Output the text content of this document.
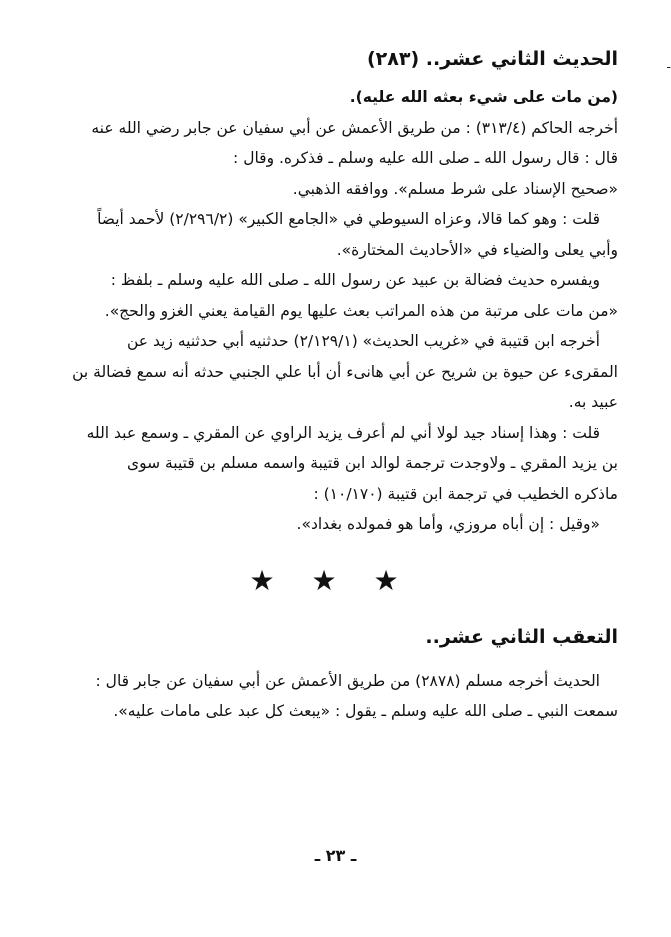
-
الحديث الثاني عشر.. (٢٨٣)

(من مات على شيء بعثه الله عليه).

أخرجه الحاكم (٣١٣/٤) : من طريق الأعمش عن أبي سفيان عن جابر رضي الله عنه

قال : قال رسول الله ـ صلى الله عليه وسلم ـ فذكره. وقال :

«صحيح الإسناد على شرط مسلم». ووافقه الذهبي.

قلت : وهو كما قالا، وعزاه السيوطي في «الجامع الكبير» (٢/٢٩٦/٢) لأحمد أيضاً

وأبي يعلى والضياء في «الأحاديث المختارة».

ويفسره حديث فضالة بن عبيد عن رسول الله ـ صلى الله عليه وسلم ـ بلفظ :

«من مات على مرتبة من هذه المراتب بعث عليها يوم القيامة يعني الغزو والحج».

أخرجه ابن قتيبة في «غريب الحديث» (٢/١٢٩/١) حدثنيه أبي حدثنيه زيد عن

المقرىء عن حيوة بن شريح عن أبي هانىء أن أبا علي الجنبي حدثه أنه سمع فضالة بن

عبيد به.

قلت : وهذا إسناد جيد لولا أني لم أعرف يزيد الراوي عن المقري ـ وسمع عبد الله

بن يزيد المقري ـ ولاوجدت ترجمة لوالد ابن قتيبة واسمه مسلم بن قتيبة سوى

ماذكره الخطيب في ترجمة ابن قتيبة (١٠/١٧٠) :

«وقيل : إن أباه مروزي، وأما هو فمولده بغداد».

★ ★ ★
التعقب الثاني عشر..

الحديث أخرجه مسلم (٢٨٧٨) من طريق الأعمش عن أبي سفيان عن جابر قال :

سمعت النبي ـ صلى الله عليه وسلم ـ يقول : «يبعث كل عبد على مامات عليه».

ـ ٢٣ ـ
